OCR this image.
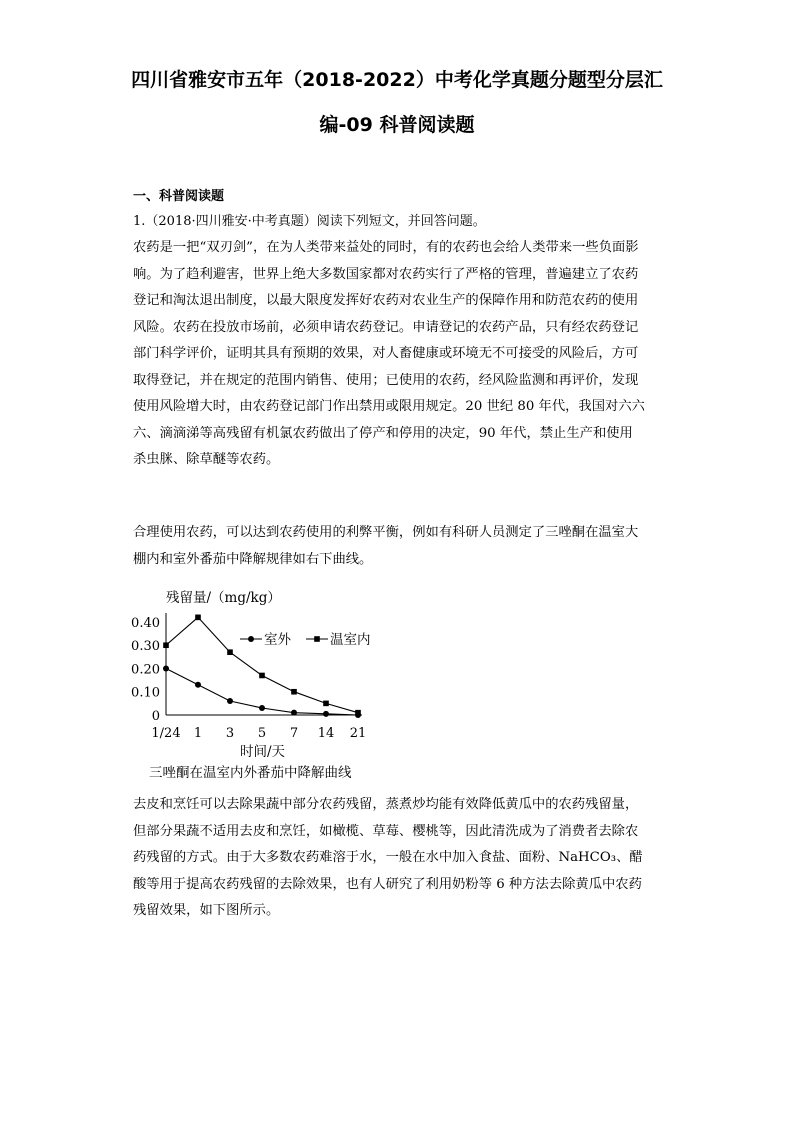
四川省雅安市五年（2018-2022）中考化学真题分题型分层汇
编-09 科普阅读题
一、科普阅读题
1.（2018·四川雅安·中考真题）阅读下列短文，并回答问题。
农药是一把“双刃剑”，在为人类带来益处的同时，有的农药也会给人类带来一些负面影
响。为了趋利避害，世界上绝大多数国家都对农药实行了严格的管理，普遍建立了农药
登记和淘汰退出制度，以最大限度发挥好农药对农业生产的保障作用和防范农药的使用
风险。农药在投放市场前，必须申请农药登记。申请登记的农药产品，只有经农药登记
部门科学评价，证明其具有预期的效果，对人畜健康或环境无不可接受的风险后，方可
取得登记，并在规定的范围内销售、使用；已使用的农药，经风险监测和再评价，发现
使用风险增大时，由农药登记部门作出禁用或限用规定。20 世纪 80 年代，我国对六六
六、滴滴涕等高残留有机氯农药做出了停产和停用的决定，90 年代，禁止生产和使用
杀虫脒、除草醚等农药。
合理使用农药，可以达到农药使用的利弊平衡，例如有科研人员测定了三唑酮在温室大
棚内和室外番茄中降解规律如右下曲线。
残留量/（mg/kg）
0.40
0.30
0.20
0.10
0
1/24 1 3 5 7 14 21
室外	温室内
时间/天
三唑酮在温室内外番茄中降解曲线
去皮和烹饪可以去除果蔬中部分农药残留，蒸煮炒均能有效降低黄瓜中的农药残留量，
但部分果蔬不适用去皮和烹饪，如橄榄、草莓、樱桃等，因此清洗成为了消费者去除农
药残留的方式。由于大多数农药难溶于水，一般在水中加入食盐、面粉、NaHCO₃、醋
酸等用于提高农药残留的去除效果，也有人研究了利用奶粉等 6 种方法去除黄瓜中农药
残留效果，如下图所示。
